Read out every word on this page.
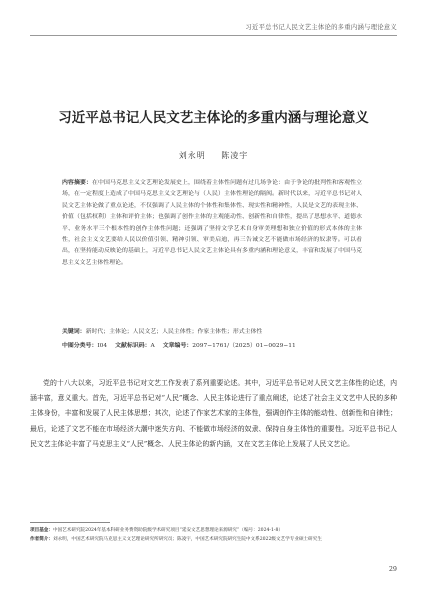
习近平总书记人民文艺主体论的多重内涵与理论意义
习近平总书记人民文艺主体论的多重内涵与理论意义
刘永明 陈凌宇
内容摘要：在中国马克思主义文艺理论发展史上，围绕着主体性问题有过几场争论：由于争论的批判性和客观性立场，在一定程度上造成了中国马克思主义文艺理论与（人民）主体性理论的隔阂。新时代以来，习近平总书记对人民文艺主体论做了重点论述，不仅强调了人民主体的个体性和集体性、现实性和精神性，人民是文艺的表现主体、价值（包括权利）主体和评价主体；也强调了创作主体的主观能动性、创新性和自律性，提出了思想水平、道德水平、业务水平三个根本性的创作主体性问题；还强调了坚持文学艺术自身审美理想和独立价值的形式本体的主体性，社会主义文艺要给人民以价值引领、精神引领、审美启迪，再三告诫文艺不能做市场经济的奴隶等。可以看出，在坚持能动反映论的基础上，习近平总书记人民文艺主体论具有多重内涵和理论意义，丰富和发展了中国马克思主义文艺主体性理论。
关键词：新时代；主体论；人民文艺；人民主体性；作家主体性；形式主体性
中图分类号：I04 文献标识码：A 文章编号：2097−1761/（2025）01−0029−11
党的十八大以来，习近平总书记对文艺工作发表了系列重要论述。其中，习近平总书记对人民文艺主体性的论述，内涵丰富，意义重大。首先，习近平总书记对“人民”概念、人民主体论进行了重点阐述，论述了社会主义文艺中人民的多种主体身份，丰富和发展了人民主体思想；其次，论述了作家艺术家的主体性，强调创作主体的能动性、创新性和自律性；最后，论述了文艺不能在市场经济大潮中迷失方向、不能做市场经济的奴隶、保持自身主体性的重要性。习近平总书记人民文艺主体论丰富了马克思主义“人民”概念、人民主体论的新内涵，又在文艺主体论上发展了人民文艺论。
项目基金：中国艺术研究院2024年基本科研业务费资助院级学术研究项目“延安文艺思想理论来源研究”（编号：2024-1-8）
作者简介：刘永明，中国艺术研究院马克思主义文艺理论研究所研究员；陈凌宇，中国艺术研究院研究生院中文系2022级文艺学专业硕士研究生
29
